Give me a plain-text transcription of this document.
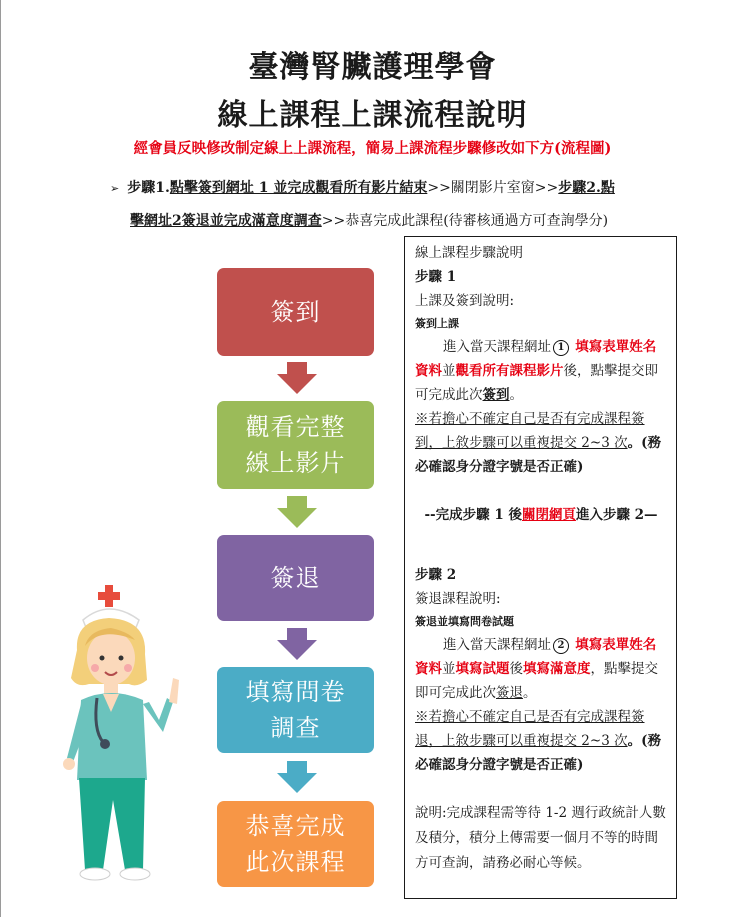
臺灣腎臟護理學會
線上課程上課流程說明
經會員反映修改制定線上上課流程，簡易上課流程步驟修改如下方(流程圖)
➢ 步驟1.點擊簽到網址 1 並完成觀看所有影片結束>>關閉影片室窗>>步驟2.點
擊網址2簽退並完成滿意度調查>>恭喜完成此課程(待審核通過方可查詢學分)
簽到
觀看完整
線上影片
簽退
填寫問卷
調查
恭喜完成
此次課程

線上課程步驟說明

步驟 1

上課及簽到說明:

簽到上課

進入當天課程網址 1 填寫表單姓名資料並觀看所有課程影片後，點擊提交即可完成此次簽到。

※若擔心不確定自己是否有完成課程簽到，上敘步驟可以重複提交 2~3 次。(務必確認身分證字號是否正確)

--完成步驟 1 後關閉網頁進入步驟 2—

步驟 2

簽退課程說明:

簽退並填寫問卷試題

進入當天課程網址 2 填寫表單姓名資料並填寫試題後填寫滿意度，點擊提交即可完成此次簽退。

※若擔心不確定自己是否有完成課程簽退，上敘步驟可以重複提交 2~3 次。(務必確認身分證字號是否正確)

說明:完成課程需等待 1-2 週行政統計人數及積分，積分上傳需要一個月不等的時間方可查詢，請務必耐心等候。
